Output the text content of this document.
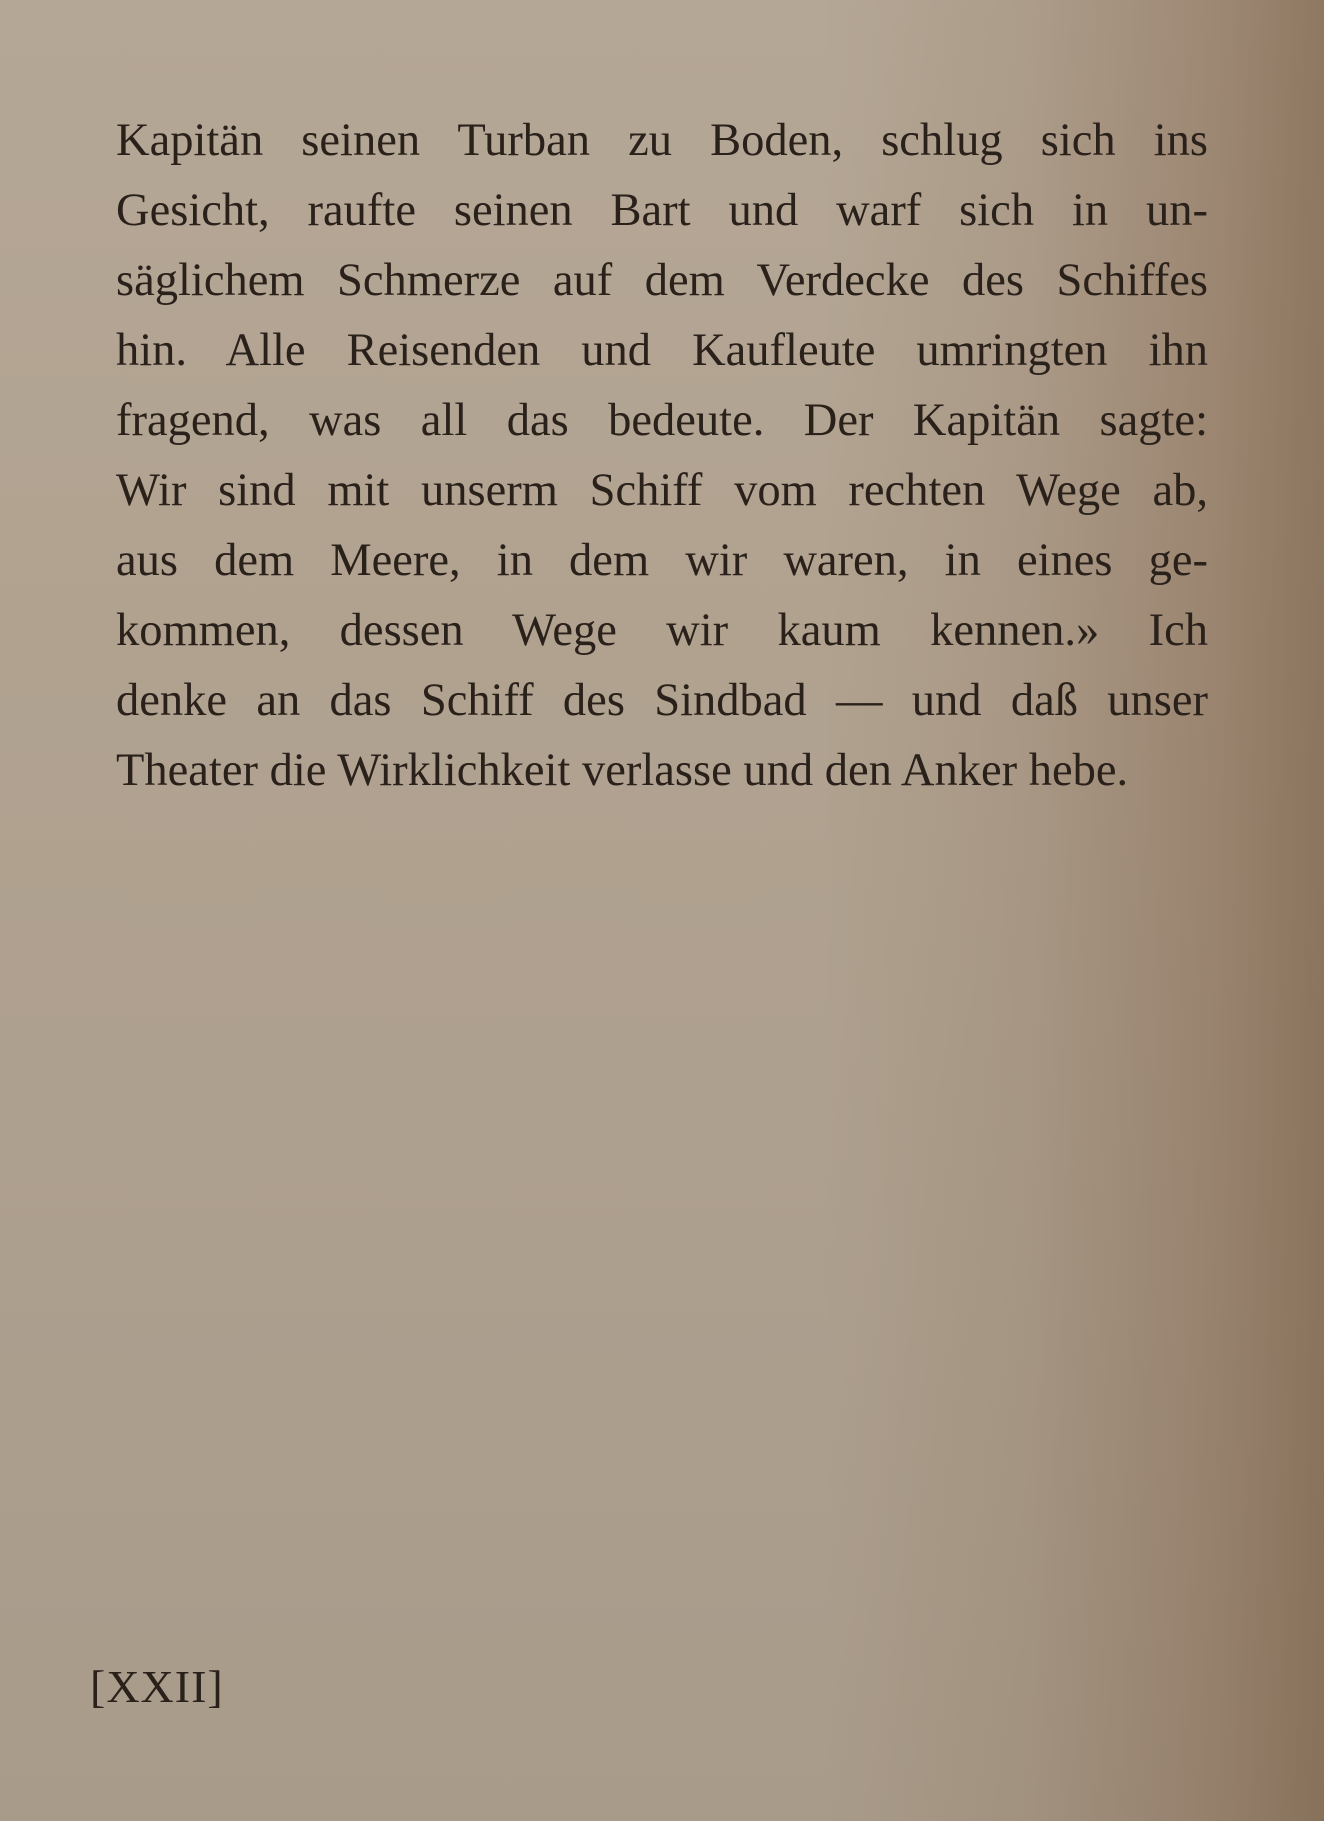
Kapitän seinen Turban zu Boden, schlug sich ins
Gesicht, raufte seinen Bart und warf sich in un-
säglichem Schmerze auf dem Verdecke des Schiffes
hin. Alle Reisenden und Kaufleute umringten ihn
fragend, was all das bedeute. Der Kapitän sagte:
Wir sind mit unserm Schiff vom rechten Wege ab,
aus dem Meere, in dem wir waren, in eines ge-
kommen, dessen Wege wir kaum kennen.» Ich
denke an das Schiff des Sindbad — und daß unser
Theater die Wirklichkeit verlasse und den Anker hebe.
[XXII]
